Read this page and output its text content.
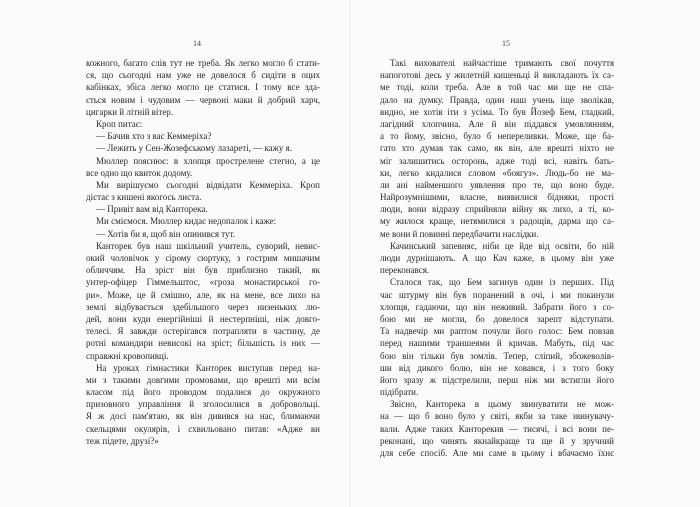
14
кожного, багато слів тут не треба. Як легко могло б стати-
ся, що сьогодні нам уже не довелося б сидіти в оцих
кабінках, збіса легко могло це статися. І тому все зда-
ється новим і чудовим — червоні маки й добрий харч,
цигарки й літній вітер.
Кроп питає:
— Бачив хто з вас Кеммеріха?
— Лежить у Сен-Жозефському лазареті, — кажу я.
Мюллер пояснює: в хлопця прострелене стегно, а це
все одно що квиток додому.
Ми вирішуємо сьогодні відвідати Кеммеріха. Кроп
дістає з кишені якогось листа.
— Привіт вам від Канторека.
Ми сміємося. Мюллер кидає недопалок і каже:
— Хотів би я, щоб він опинився тут.
Канторек був наш шкільний учитель, суворий, невис-
окий чоловічок у сірому сюртуку, з гострим мишачим
обличчям. На зріст він був приблизно такий, як
унтер-офіцер Гіммельштос, «гроза монастирської го-
ри». Може, це й смішно, але, як на мене, все лихо на
землі відбувається здебільшого через низеньких лю-
дей, вони куди енергійніші й нестерпніші, ніж довго-
телесі. Я завжди остерігався потрапляти в частину, де
ротні командири невисокі на зріст; більшість із них —
справжні кровопивці.
На уроках гімнастики Канторек виступав перед на-
ми з такими довгими промовами, що врешті ми всім
класом під його проводом подалися до окружного
призовного управління й зголосилися в добровольці.
Я ж досі пам'ятаю, як він дивився на нас, блимаючи
скельцями окулярів, і схвильовано питав: «Адже ви
теж підете, друзі?»
15
Такі вихователі найчастіше тримають свої почуття
напоготові десь у жилетній кишеньці й викладають їх са-
ме тоді, коли треба. Але в той час ми ще не спа-
дало на думку. Правда, один наш учень іще зволікав,
видно, не хотів іти з усіма. То був Йозеф Бем, гладкий,
лагідний хлопчина. Але й він піддався умовлянням,
а то йому, звісно, було б непереливки. Може, ще ба-
гато хто думав так само, як він, але врешті ніхто не
міг залишитись осторонь, адже тоді всі, навіть бать-
ки, легко кидалися словом «боягуз». Людь-бо не ма-
ли ані найменшого уявлення про те, що воно буде.
Найрозумнішими, власне, виявилися бідняки, прості
люди, вони відразу сприйняли війну як лихо, а ті, ко-
му жилося краще, нетямилися з радощів, дарма що са-
ме вони й повинні передбачити наслідки.
Качинський запевняє, ніби це йде від освіти, бо ній
люди дурнішають. А що Кач каже, в цьому він уже
переконався.
Сталося так, що Бем загинув один із перших. Під
час штурму він був поранений в очі, і ми покинули
хлопця, гадаючи, що він неживий. Забрати його з со-
бою ми не могли, бо довелося зарепт відступати.
Та надвечір ми раптом почули його голос: Бем повзав
перед нашими траншеями й кричав. Мабуть, під час
бою він тільки був зомлів. Тепер, сліпий, збожеволів-
ши від дикого болю, він не ховався, і з того боку
його зразу ж підстрелили, перш ніж ми встигли його
підібрати.
Звісно, Канторека в цьому звинуватити не мож-
на — що б воно було у світі, якби за таке звинувачу-
вали. Адже таких Канторекив — тисячі, і всі вони пе-
реконані, що чинять якнайкраще та ще й у зручний
для себе спосіб. Але ми саме в цьому і вбачаємо їхнє
